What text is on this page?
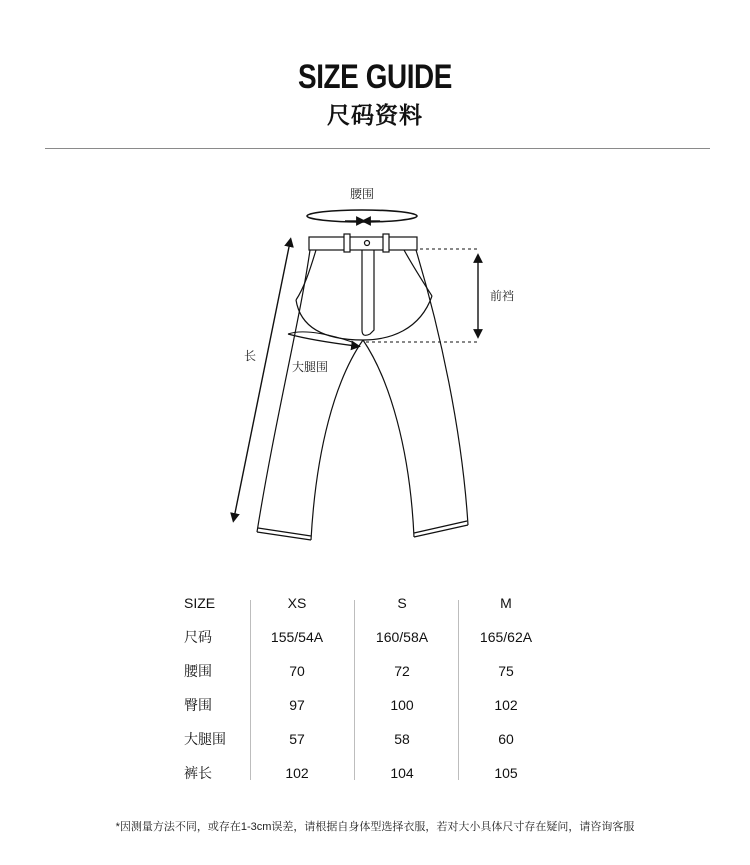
SIZE GUIDE
尺码资料
腰围
前裆
长
大腿围
SIZE	XS	S	M
尺码	155/54A	160/58A	165/62A
腰围	70	72	75
臀围	97	100	102
大腿围	57	58	60
裤长	102	104	105
*因测量方法不同，或存在1-3cm误差，请根据自身体型选择衣服，若对大小具体尺寸存在疑问，请咨询客服
